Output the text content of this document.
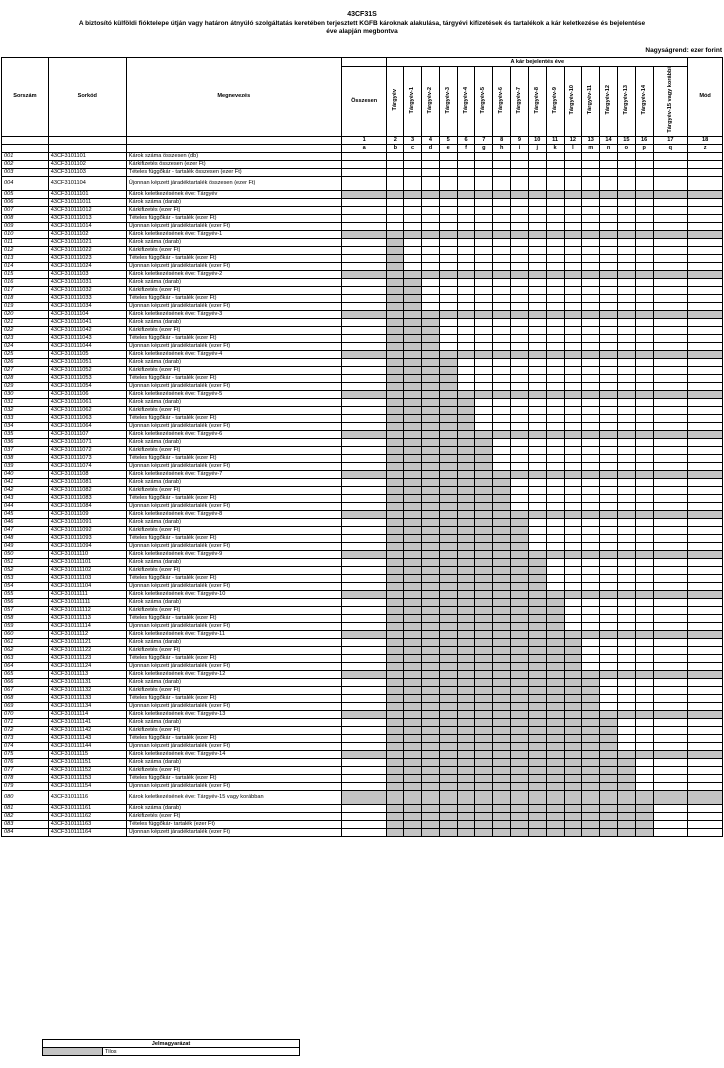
43CF31S
A biztosító külföldi fióktelepe útján vagy határon átnyúló szolgáltatás keretében terjesztett KGFB károknak alakulása, tárgyévi kifizetések és tartalékok a kár keletkezése és bejelentése
éve alapján megbontva
Nagyságrend: ezer forint
Sorszám	Sorkód	Megnevezés		A kár bejelentés éve																Mód
			Összesen	Tárgyév	Tárgyév-1	Tárgyév-2	Tárgyév-3	Tárgyév-4	Tárgyév-5	Tárgyév-6	Tárgyév-7	Tárgyév-8	Tárgyév-9	Tárgyév-10	Tárgyév-11	Tárgyév-12	Tárgyév-13	Tárgyév-14	Tárgyév-15 vagy korábbi	
			1	2	3	4	5	6	7	8	9	10	11	12	13	14	15	16	17	18
			a	b	c	d	e	f	g	h	i	j	k	l	m	n	o	p	q	z
001	43CF3101101	Károk száma összesen (db)																		
002	43CF3101102	Kárkifizetés összesen (ezer Ft)																		
003	43CF3101103	Tételes függőkár - tartalék összesen (ezer Ft)																		
004	43CF3101104	Újonnan képzett járadéktartalék összesen (ezer Ft)																		
005	43CF31011101	Károk keletkezésének éve: Tárgyév																		
006	43CF310111011	Károk száma (darab)																		
007	43CF310111012	Kárkifizetés (ezer Ft)																		
008	43CF310111013	Tételes függőkár - tartalék (ezer Ft)																		
009	43CF310111014	Újonnan képzett járadéktartalék (ezer Ft)																		
010	43CF31011102	Károk keletkezésének éve: Tárgyév-1																		
011	43CF310111021	Károk száma (darab)																		
012	43CF310111022	Kárkifizetés (ezer Ft)																		
013	43CF310111023	Tételes függőkár - tartalék (ezer Ft)																		
014	43CF310111024	Újonnan képzett járadéktartalék (ezer Ft)																		
015	43CF31011103	Károk keletkezésének éve: Tárgyév-2																		
016	43CF310111031	Károk száma (darab)																		
017	43CF310111032	Kárkifizetés (ezer Ft)																		
018	43CF310111033	Tételes függőkár - tartalék (ezer Ft)																		
019	43CF310111034	Újonnan képzett járadéktartalék (ezer Ft)																		
020	43CF31011104	Károk keletkezésének éve: Tárgyév-3																		
021	43CF310111041	Károk száma (darab)																		
022	43CF310111042	Kárkifizetés (ezer Ft)																		
023	43CF310111043	Tételes függőkár - tartalék (ezer Ft)																		
024	43CF310111044	Újonnan képzett járadéktartalék (ezer Ft)																		
025	43CF31011105	Károk keletkezésének éve: Tárgyév-4																		
026	43CF310111051	Károk száma (darab)																		
027	43CF310111052	Kárkifizetés (ezer Ft)																		
028	43CF310111053	Tételes függőkár - tartalék (ezer Ft)																		
029	43CF310111054	Újonnan képzett járadéktartalék (ezer Ft)																		
030	43CF31011106	Károk keletkezésének éve: Tárgyév-5																		
031	43CF310111061	Károk száma (darab)																		
032	43CF310111062	Kárkifizetés (ezer Ft)																		
033	43CF310111063	Tételes függőkár - tartalék (ezer Ft)																		
034	43CF310111064	Újonnan képzett járadéktartalék (ezer Ft)																		
035	43CF31011107	Károk keletkezésének éve: Tárgyév-6																		
036	43CF310111071	Károk száma (darab)																		
037	43CF310111072	Kárkifizetés (ezer Ft)																		
038	43CF310111073	Tételes függőkár - tartalék (ezer Ft)																		
039	43CF310111074	Újonnan képzett járadéktartalék (ezer Ft)																		
040	43CF31011108	Károk keletkezésének éve: Tárgyév-7																		
041	43CF310111081	Károk száma (darab)																		
042	43CF310111082	Kárkifizetés (ezer Ft)																		
043	43CF310111083	Tételes függőkár - tartalék (ezer Ft)																		
044	43CF310111084	Újonnan képzett járadéktartalék (ezer Ft)																		
045	43CF31011109	Károk keletkezésének éve: Tárgyév-8																		
046	43CF310111091	Károk száma (darab)																		
047	43CF310111092	Kárkifizetés (ezer Ft)																		
048	43CF310111093	Tételes függőkár - tartalék (ezer Ft)																		
049	43CF310111094	Újonnan képzett járadéktartalék (ezer Ft)																		
050	43CF31011110	Károk keletkezésének éve: Tárgyév-9																		
051	43CF310111101	Károk száma (darab)																		
052	43CF310111102	Kárkifizetés (ezer Ft)																		
053	43CF310111103	Tételes függőkár - tartalék (ezer Ft)																		
054	43CF310111104	Újonnan képzett járadéktartalék (ezer Ft)																		
055	43CF31011111	Károk keletkezésének éve: Tárgyév-10																		
056	43CF310111111	Károk száma (darab)																		
057	43CF310111112	Kárkifizetés (ezer Ft)																		
058	43CF310111113	Tételes függőkár - tartalék (ezer Ft)																		
059	43CF310111114	Újonnan képzett járadéktartalék (ezer Ft)																		
060	43CF31011112	Károk keletkezésének éve: Tárgyév-11																		
061	43CF310111121	Károk száma (darab)																		
062	43CF310111122	Kárkifizetés (ezer Ft)																		
063	43CF310111123	Tételes függőkár - tartalék (ezer Ft)																		
064	43CF310111124	Újonnan képzett járadéktartalék (ezer Ft)																		
065	43CF31011113	Károk keletkezésének éve: Tárgyév-12																		
066	43CF310111131	Károk száma (darab)																		
067	43CF310111132	Kárkifizetés (ezer Ft)																		
068	43CF310111133	Tételes függőkár - tartalék (ezer Ft)																		
069	43CF310111134	Újonnan képzett járadéktartalék (ezer Ft)																		
070	43CF31011114	Károk keletkezésének éve: Tárgyév-13																		
071	43CF310111141	Károk száma (darab)																		
072	43CF310111142	Kárkifizetés (ezer Ft)																		
073	43CF310111143	Tételes függőkár - tartalék (ezer Ft)																		
074	43CF310111144	Újonnan képzett járadéktartalék (ezer Ft)																		
075	43CF31011115	Károk keletkezésének éve: Tárgyév-14																		
076	43CF310111151	Károk száma (darab)																		
077	43CF310111152	Kárkifizetés (ezer Ft)																		
078	43CF310111153	Tételes függőkár - tartalék (ezer Ft)																		
079	43CF310111154	Újonnan képzett járadéktartalék (ezer Ft)																		
080	43CF31011116	Károk keletkezésének éve: Tárgyév-15 vagy korábban																		
081	43CF310111161	Károk száma (darab)																		
082	43CF310111162	Kárkifizetés (ezer Ft)																		
083	43CF310111163	Tételes függőkár- tartalék (ezer Ft)																		
084	43CF310111164	Újonnan képzett járadéktartalék (ezer Ft)																		
Jelmagyarázat
	Tilos
